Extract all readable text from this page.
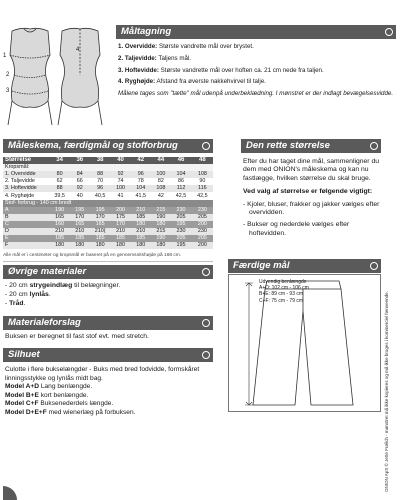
1
2
3
4
Måltagning
1. Overvidde: Største vandrette mål over brystet.
2. Taljevidde: Taljens mål.
3. Hoftevidde: Største vandrette mål over hoften ca. 21 cm nede fra taljen.
4. Ryghøjde: Afstand fra øverste nakkehvirvel til talje.
Målene tages som "tætte" mål udenpå underbeklædning. I mønstret er der indlagt bevægelsesvidde.
Måleskema, færdigmål og stofforbrug
Størrelse	34	36	38	40	42	44	46	48
Kropsmål:								
1. Overvidde	80	84	88	92	96	100	104	108
2. Taljevidde	62	66	70	74	78	82	86	90
3. Hoftevidde	88	92	96	100	104	108	112	116
4. Ryghøjde	39,5	40	40,5	41	41,5	42	42,5	42,5
Stof- forbrug - 140 cm bredt								
A	190	195	195	200	210	215	230	230
B	165	170	170	175	185	190	205	205
C	160	165	165	170	180	180	195	200
D	210	210	210(	210	210	215	230	230
E	185	185	185	185	185	190	205	205
F	180	180	180	180	180	180	195	200
Alle mål er i centimeter og kropsmål er baseret på en gennemsnitshøjde på 168 cm.
Den rette størrelse
Efter du har taget dine mål, sammenligner du dem med ONION's måleskema og kan nu fastlægge, hvilken størrelse du skal bruge.
Ved valg af størrelse er følgende vigtigt:
- Kjoler, bluser, frakker og jakker vælges efter overvidden.
- Bukser og nederdele vælges efter hoftevidden.
Øvrige materialer
- 20 cm strygeindlæg til belægninger.
- 20 cm lynlås.
- Tråd.
Materialeforslag
Buksen er beregnet til fast stof evt. med stretch.
Silhuet
Culotte i flere bukselængder - Buks med bred fodvidde, formskåret linningsstykke og lynlås midt bag.
Model A+D Lang benlængde.
Model B+E kort benlængde.
Model C+F Buksenederdels længde.
Model D+E+F med wienerlæg på forbuksen.
Færdige mål
Udvendig benlængde
A+D: 102 cm - 106 cm
B+E: 89 cm - 93 cm
C+F: 75 cm - 79 cm	ONION ApS © Jette Frølich - mønstret må ikke kopieres og må ikke bruges i kommerciel henseende.
